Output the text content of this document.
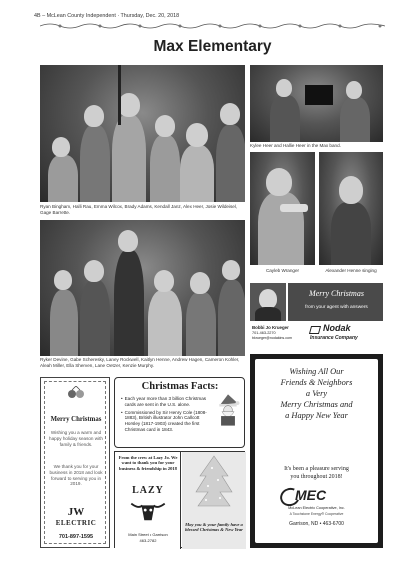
4B – McLean County Independent · Thursday, Dec. 20, 2018
Max Elementary
Ryan Bingham, Halli Rau, Emma Wilcox, Brady Adams, Kendall Janz, Alex Heer, Josie Wildeisel, Gage Barrette.
Kylee Heer and Hallie Heer in the Max band.
Cayleb Wranger	Alexander Henne singing
Ryker Devine, Gabe Scheresky, Laney Rockwell, Kaitlyn Henne, Andrew Hagen, Cameron Kohler, Aleah Miller, Ella Sherven, Lane Oetzer, Kenzie Murphy.
Merry Christmas
from your agent with answers
Bobbi Jo Krueger
701-463-2270
bkrueger@nodakins.com
Nodak
Insurance Company
Christmas Facts:
• Each year more than 3 billion Christmas cards are sent in the U.S. alone.
• Commissioned by Sir Henry Cole (1808-1883), British illustrator John Callcott Horsley (1817-1903) created the first Christmas card in 1843.
Merry Christmas
Wishing you a warm and happy holiday season with family & friends.
We thank you for your business in 2018 and look forward to serving you in 2019.
JW
ELECTRIC
701-897-1595
From the crew at Lazy Jo. We want to thank you for your business & friendship in 2018
LAZY
Main Street • Garrison
463-2782
May you & your family have a blessed Christmas & New Year
Wishing All Our
Friends & Neighbors
a Very
Merry Christmas and
a Happy New Year
It's been a pleasure serving
you throughout 2018!
MEC
McLean Electric Cooperative, Inc.
A Touchstone Energy® Cooperative
Garrison, ND • 463-6700
